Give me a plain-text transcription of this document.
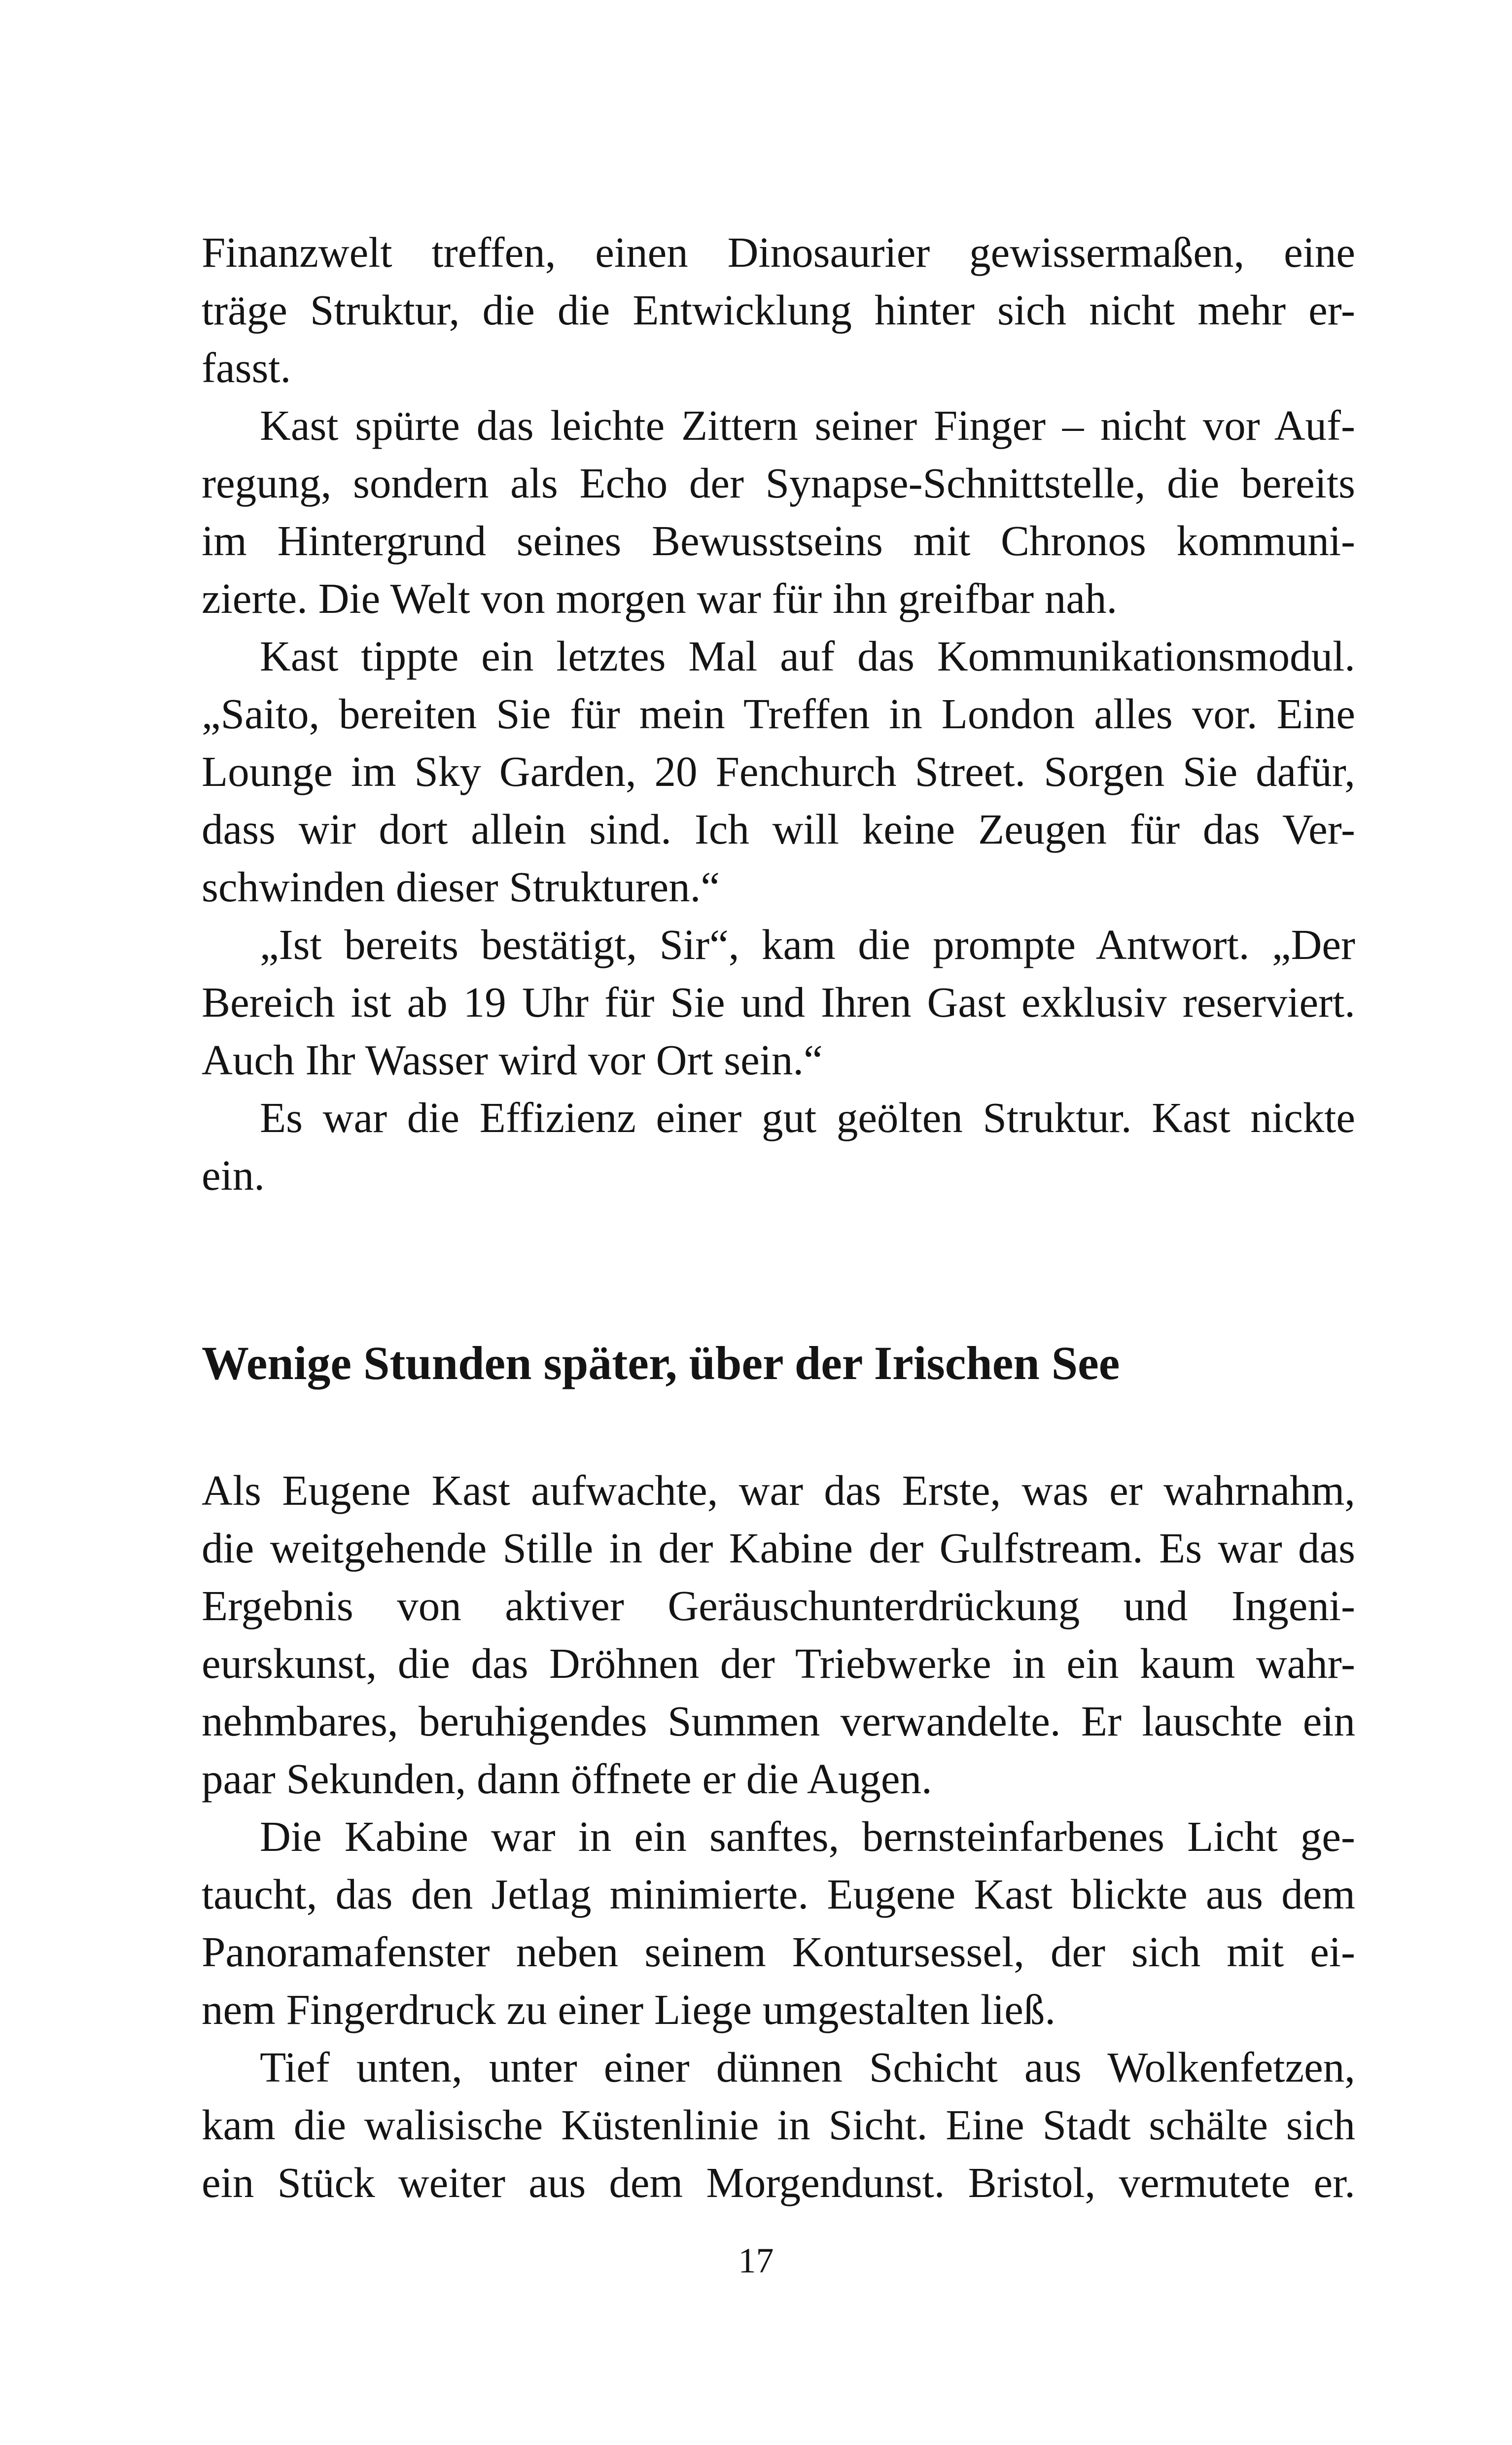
Finanzwelt treffen, einen Dinosaurier gewissermaßen, eine
träge Struktur, die die Entwicklung hinter sich nicht mehr er-
fasst.
Kast spürte das leichte Zittern seiner Finger – nicht vor Auf-
regung, sondern als Echo der Synapse-Schnittstelle, die bereits
im Hintergrund seines Bewusstseins mit Chronos kommuni-
zierte. Die Welt von morgen war für ihn greifbar nah.
Kast tippte ein letztes Mal auf das Kommunikationsmodul.
„Saito, bereiten Sie für mein Treffen in London alles vor. Eine
Lounge im Sky Garden, 20 Fenchurch Street. Sorgen Sie dafür,
dass wir dort allein sind. Ich will keine Zeugen für das Ver-
schwinden dieser Strukturen.“
„Ist bereits bestätigt, Sir“, kam die prompte Antwort. „Der
Bereich ist ab 19 Uhr für Sie und Ihren Gast exklusiv reserviert.
Auch Ihr Wasser wird vor Ort sein.“
Es war die Effizienz einer gut geölten Struktur. Kast nickte
ein.
Wenige Stunden später, über der Irischen See
Als Eugene Kast aufwachte, war das Erste, was er wahrnahm,
die weitgehende Stille in der Kabine der Gulfstream. Es war das
Ergebnis von aktiver Geräuschunterdrückung und Ingeni-
eurskunst, die das Dröhnen der Triebwerke in ein kaum wahr-
nehmbares, beruhigendes Summen verwandelte. Er lauschte ein
paar Sekunden, dann öffnete er die Augen.
Die Kabine war in ein sanftes, bernsteinfarbenes Licht ge-
taucht, das den Jetlag minimierte. Eugene Kast blickte aus dem
Panoramafenster neben seinem Kontursessel, der sich mit ei-
nem Fingerdruck zu einer Liege umgestalten ließ.
Tief unten, unter einer dünnen Schicht aus Wolkenfetzen,
kam die walisische Küstenlinie in Sicht. Eine Stadt schälte sich
ein Stück weiter aus dem Morgendunst. Bristol, vermutete er.
17
